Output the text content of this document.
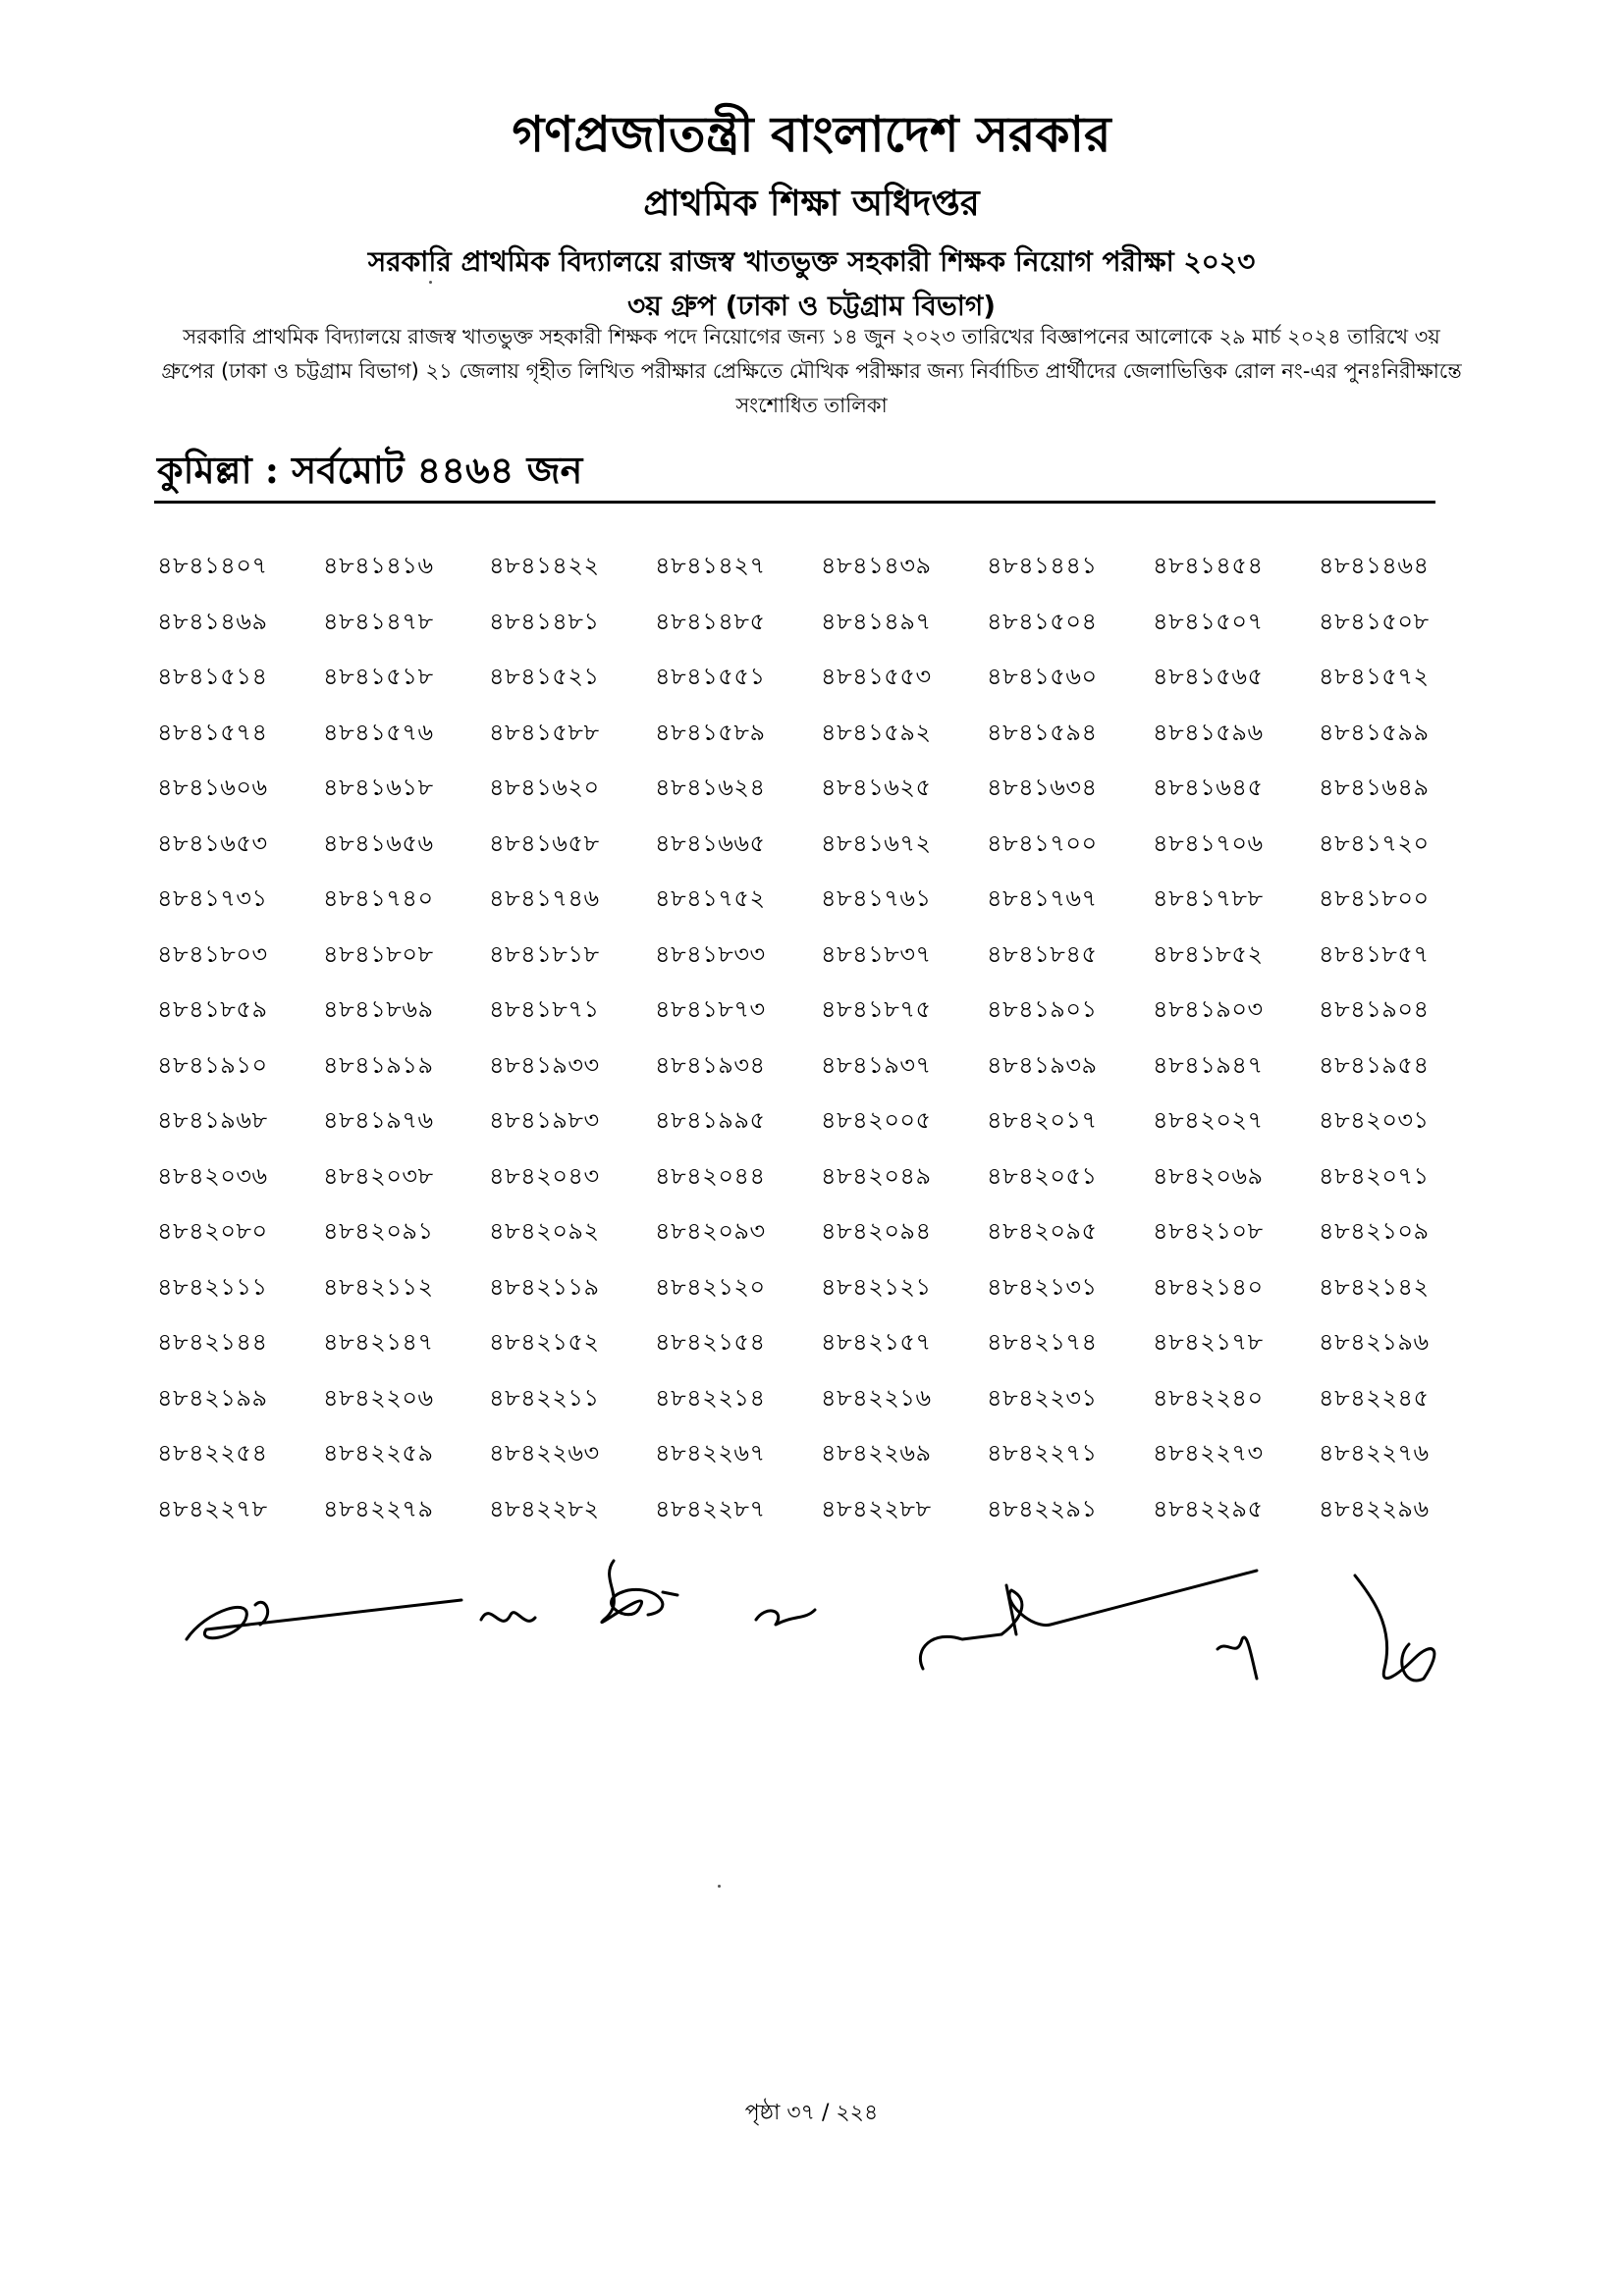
গণপ্রজাতন্ত্রী বাংলাদেশ সরকার
প্রাথমিক শিক্ষা অধিদপ্তর
সরকারি প্রাথমিক বিদ্যালয়ে রাজস্ব খাতভুক্ত সহকারী শিক্ষক নিয়োগ পরীক্ষা ২০২৩
৩য় গ্রুপ (ঢাকা ও চট্টগ্রাম বিভাগ)
সরকারি প্রাথমিক বিদ্যালয়ে রাজস্ব খাতভুক্ত সহকারী শিক্ষক পদে নিয়োগের জন্য ১৪ জুন ২০২৩ তারিখের বিজ্ঞাপনের আলোকে ২৯ মার্চ ২০২৪ তারিখে ৩য় গ্রুপের (ঢাকা ও চট্টগ্রাম বিভাগ) ২১ জেলায় গৃহীত লিখিত পরীক্ষার প্রেক্ষিতে মৌখিক পরীক্ষার জন্য নির্বাচিত প্রার্থীদের জেলাভিত্তিক রোল নং-এর পুনঃনিরীক্ষান্তে সংশোধিত তালিকা
কুমিল্লা : সর্বমোট ৪৪৬৪ জন
৪৮৪১৪০৭	৪৮৪১৪১৬	৪৮৪১৪২২	৪৮৪১৪২৭	৪৮৪১৪৩৯	৪৮৪১৪৪১	৪৮৪১৪৫৪	৪৮৪১৪৬৪
৪৮৪১৪৬৯	৪৮৪১৪৭৮	৪৮৪১৪৮১	৪৮৪১৪৮৫	৪৮৪১৪৯৭	৪৮৪১৫০৪	৪৮৪১৫০৭	৪৮৪১৫০৮
৪৮৪১৫১৪	৪৮৪১৫১৮	৪৮৪১৫২১	৪৮৪১৫৫১	৪৮৪১৫৫৩	৪৮৪১৫৬০	৪৮৪১৫৬৫	৪৮৪১৫৭২
৪৮৪১৫৭৪	৪৮৪১৫৭৬	৪৮৪১৫৮৮	৪৮৪১৫৮৯	৪৮৪১৫৯২	৪৮৪১৫৯৪	৪৮৪১৫৯৬	৪৮৪১৫৯৯
৪৮৪১৬০৬	৪৮৪১৬১৮	৪৮৪১৬২০	৪৮৪১৬২৪	৪৮৪১৬২৫	৪৮৪১৬৩৪	৪৮৪১৬৪৫	৪৮৪১৬৪৯
৪৮৪১৬৫৩	৪৮৪১৬৫৬	৪৮৪১৬৫৮	৪৮৪১৬৬৫	৪৮৪১৬৭২	৪৮৪১৭০০	৪৮৪১৭০৬	৪৮৪১৭২০
৪৮৪১৭৩১	৪৮৪১৭৪০	৪৮৪১৭৪৬	৪৮৪১৭৫২	৪৮৪১৭৬১	৪৮৪১৭৬৭	৪৮৪১৭৮৮	৪৮৪১৮০০
৪৮৪১৮০৩	৪৮৪১৮০৮	৪৮৪১৮১৮	৪৮৪১৮৩৩	৪৮৪১৮৩৭	৪৮৪১৮৪৫	৪৮৪১৮৫২	৪৮৪১৮৫৭
৪৮৪১৮৫৯	৪৮৪১৮৬৯	৪৮৪১৮৭১	৪৮৪১৮৭৩	৪৮৪১৮৭৫	৪৮৪১৯০১	৪৮৪১৯০৩	৪৮৪১৯০৪
৪৮৪১৯১০	৪৮৪১৯১৯	৪৮৪১৯৩৩	৪৮৪১৯৩৪	৪৮৪১৯৩৭	৪৮৪১৯৩৯	৪৮৪১৯৪৭	৪৮৪১৯৫৪
৪৮৪১৯৬৮	৪৮৪১৯৭৬	৪৮৪১৯৮৩	৪৮৪১৯৯৫	৪৮৪২০০৫	৪৮৪২০১৭	৪৮৪২০২৭	৪৮৪২০৩১
৪৮৪২০৩৬	৪৮৪২০৩৮	৪৮৪২০৪৩	৪৮৪২০৪৪	৪৮৪২০৪৯	৪৮৪২০৫১	৪৮৪২০৬৯	৪৮৪২০৭১
৪৮৪২০৮০	৪৮৪২০৯১	৪৮৪২০৯২	৪৮৪২০৯৩	৪৮৪২০৯৪	৪৮৪২০৯৫	৪৮৪২১০৮	৪৮৪২১০৯
৪৮৪২১১১	৪৮৪২১১২	৪৮৪২১১৯	৪৮৪২১২০	৪৮৪২১২১	৪৮৪২১৩১	৪৮৪২১৪০	৪৮৪২১৪২
৪৮৪২১৪৪	৪৮৪২১৪৭	৪৮৪২১৫২	৪৮৪২১৫৪	৪৮৪২১৫৭	৪৮৪২১৭৪	৪৮৪২১৭৮	৪৮৪২১৯৬
৪৮৪২১৯৯	৪৮৪২২০৬	৪৮৪২২১১	৪৮৪২২১৪	৪৮৪২২১৬	৪৮৪২২৩১	৪৮৪২২৪০	৪৮৪২২৪৫
৪৮৪২২৫৪	৪৮৪২২৫৯	৪৮৪২২৬৩	৪৮৪২২৬৭	৪৮৪২২৬৯	৪৮৪২২৭১	৪৮৪২২৭৩	৪৮৪২২৭৬
৪৮৪২২৭৮	৪৮৪২২৭৯	৪৮৪২২৮২	৪৮৪২২৮৭	৪৮৪২২৮৮	৪৮৪২২৯১	৪৮৪২২৯৫	৪৮৪২২৯৬
পৃষ্ঠা ৩৭ / ২২৪
